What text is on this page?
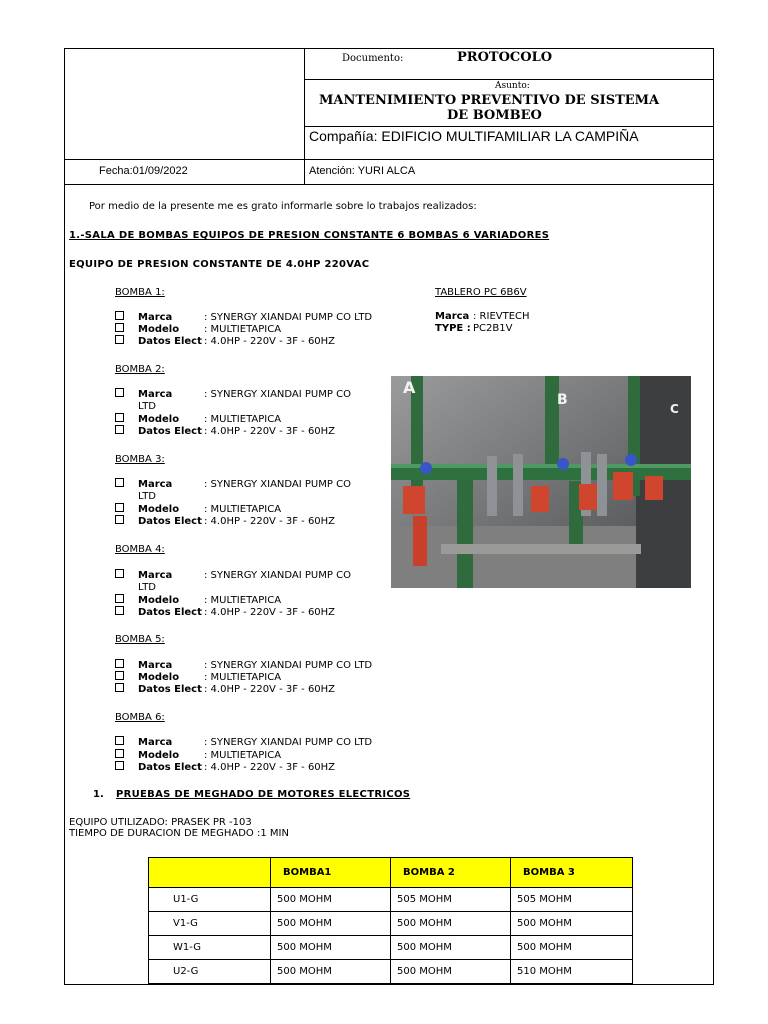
Documento:	PROTOCOLO
Asunto:
MANTENIMIENTO PREVENTIVO DE SISTEMA
DE BOMBEO
Compañía: EDIFICIO MULTIFAMILIAR LA CAMPIÑA
Fecha:01/09/2022	Atención: YURI ALCA
Por medio de la presente me es grato informarle sobre lo trabajos realizados:
1.-SALA DE BOMBAS EQUIPOS DE PRESION CONSTANTE 6 BOMBAS 6 VARIADORES
EQUIPO DE PRESION CONSTANTE DE 4.0HP 220VAC
BOMBA 1:
Marca	: SYNERGY XIANDAI PUMP CO LTD
Modelo : MULTIETAPICA
Datos Elect : 4.0HP - 220V - 3F - 60HZ
TABLERO PC 6B6V
Marca : RIEVTECH
TYPE : PC2B1V
BOMBA 2:
Marca	: SYNERGY XIANDAI PUMP CO
LTD
Modelo : MULTIETAPICA
Datos Elect : 4.0HP - 220V - 3F - 60HZ
BOMBA 3:
Marca	: SYNERGY XIANDAI PUMP CO
LTD
Modelo : MULTIETAPICA
Datos Elect : 4.0HP - 220V - 3F - 60HZ
BOMBA 4:
Marca	: SYNERGY XIANDAI PUMP CO
LTD
Modelo : MULTIETAPICA
Datos Elect : 4.0HP - 220V - 3F - 60HZ
BOMBA 5:
Marca	: SYNERGY XIANDAI PUMP CO LTD
Modelo : MULTIETAPICA
Datos Elect : 4.0HP - 220V - 3F - 60HZ
BOMBA 6:
Marca	: SYNERGY XIANDAI PUMP CO LTD
Modelo : MULTIETAPICA
Datos Elect : 4.0HP - 220V - 3F - 60HZ
A
B
C
1. PRUEBAS DE MEGHADO DE MOTORES ELECTRICOS
EQUIPO UTILIZADO: PRASEK PR -103
TIEMPO DE DURACION DE MEGHADO :1 MIN
	BOMBA1	BOMBA 2	BOMBA 3
U1-G	500 MOHM	505 MOHM	505 MOHM
V1-G	500 MOHM	500 MOHM	500 MOHM
W1-G	500 MOHM	500 MOHM	500 MOHM
U2-G	500 MOHM	500 MOHM	510 MOHM
